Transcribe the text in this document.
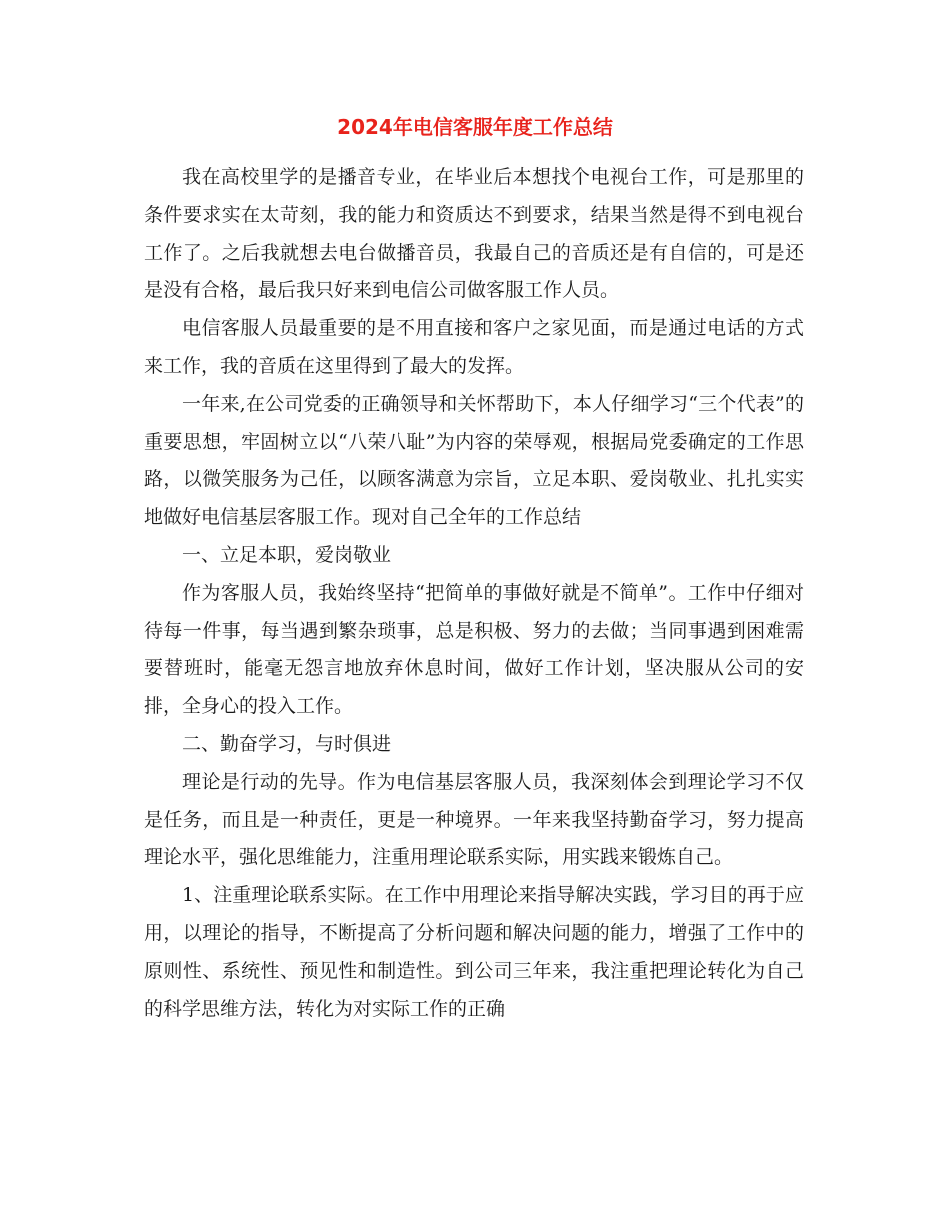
2024年电信客服年度工作总结

我在高校里学的是播音专业，在毕业后本想找个电视台工作，可是那里的条件要求实在太苛刻，我的能力和资质达不到要求，结果当然是得不到电视台工作了。之后我就想去电台做播音员，我最自己的音质还是有自信的，可是还是没有合格，最后我只好来到电信公司做客服工作人员。

电信客服人员最重要的是不用直接和客户之家见面，而是通过电话的方式来工作，我的音质在这里得到了最大的发挥。

一年来,在公司党委的正确领导和关怀帮助下，本人仔细学习“三个代表”的重要思想，牢固树立以“八荣八耻”为内容的荣辱观，根据局党委确定的工作思路，以微笑服务为己任，以顾客满意为宗旨，立足本职、爱岗敬业、扎扎实实地做好电信基层客服工作。现对自己全年的工作总结

一、立足本职，爱岗敬业

作为客服人员，我始终坚持“把简单的事做好就是不简单”。工作中仔细对待每一件事，每当遇到繁杂琐事，总是积极、努力的去做；当同事遇到困难需要替班时，能毫无怨言地放弃休息时间，做好工作计划，坚决服从公司的安排，全身心的投入工作。

二、勤奋学习，与时俱进

理论是行动的先导。作为电信基层客服人员，我深刻体会到理论学习不仅是任务，而且是一种责任，更是一种境界。一年来我坚持勤奋学习，努力提高理论水平，强化思维能力，注重用理论联系实际，用实践来锻炼自己。

1、注重理论联系实际。在工作中用理论来指导解决实践，学习目的再于应用，以理论的指导，不断提高了分析问题和解决问题的能力，增强了工作中的原则性、系统性、预见性和制造性。到公司三年来，我注重把理论转化为自己的科学思维方法，转化为对实际工作的正确
